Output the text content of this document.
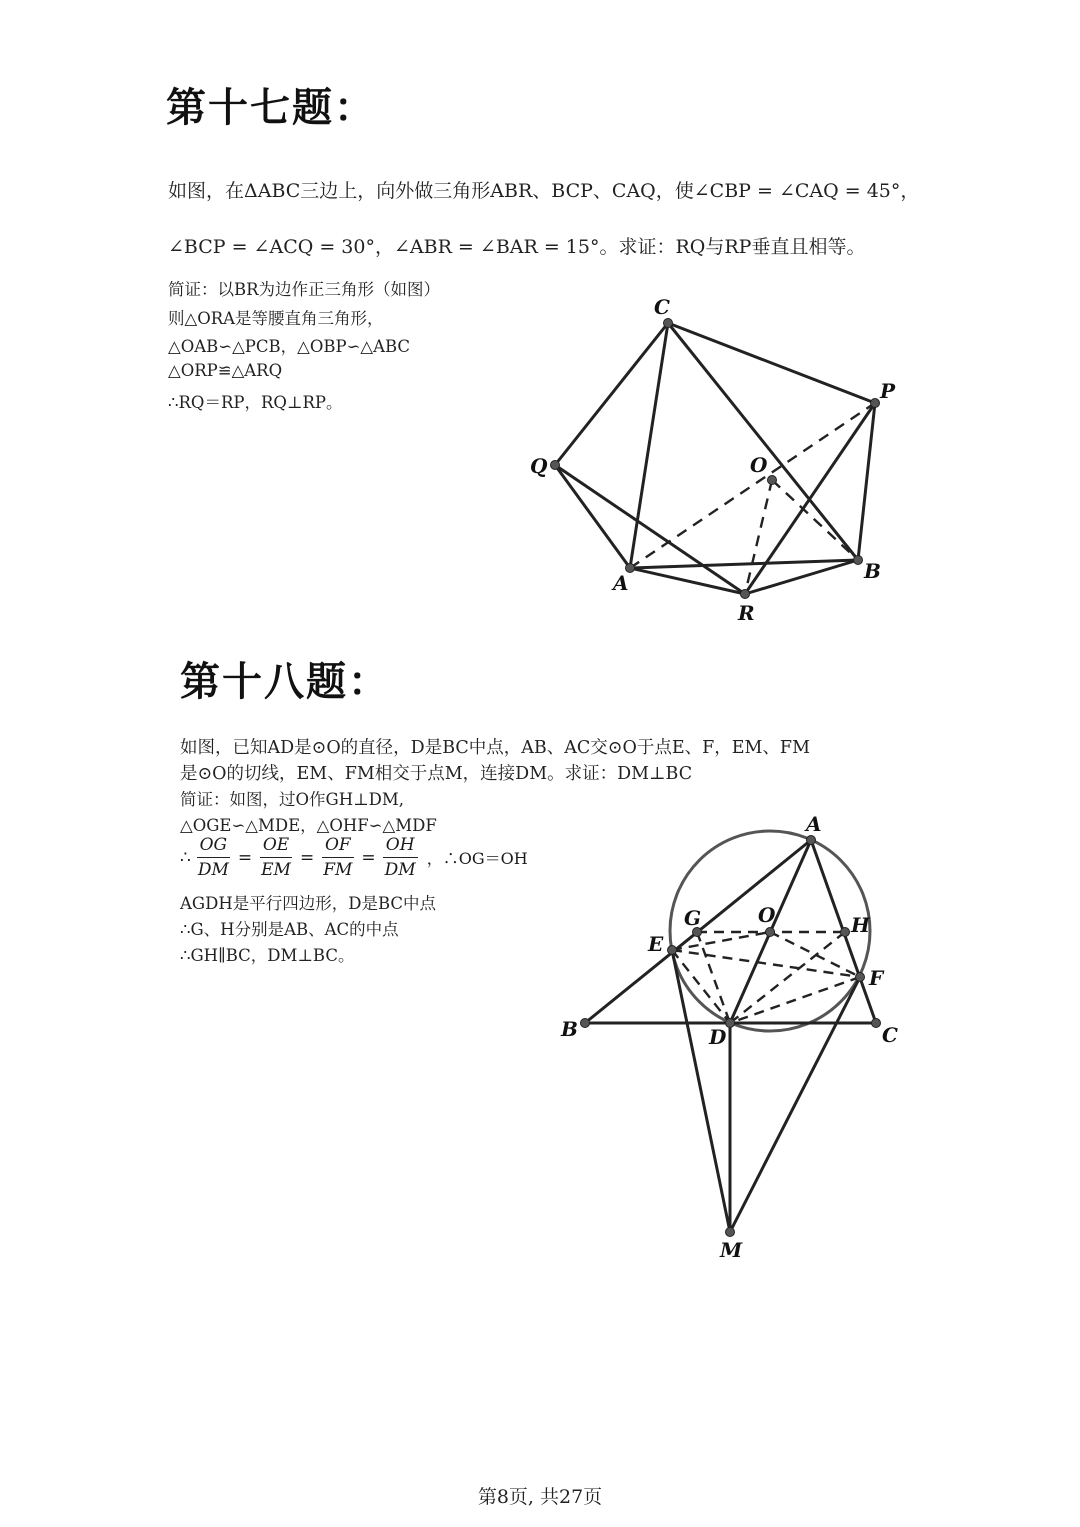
第十七题：
如图，在ΔABC三边上，向外做三角形ABR、BCP、CAQ，使∠CBP = ∠CAQ = 45°，
∠BCP = ∠ACQ = 30°，∠ABR = ∠BAR = 15°。求证：RQ与RP垂直且相等。
简证：以BR为边作正三角形（如图）
则△ORA是等腰直角三角形，
△OAB∽△PCB，△OBP∽△ABC
△ORP≌△ARQ
∴RQ＝RP，RQ⊥RP。
C
P
Q	O
A	B
R
第十八题：
如图，已知AD是⊙O的直径，D是BC中点，AB、AC交⊙O于点E、F，EM、FM
是⊙O的切线，EM、FM相交于点M，连接DM。求证：DM⊥BC
简证：如图，过O作GH⊥DM,
△OGE∽△MDE，△OHF∽△MDF
∴ $\frac{OG}{DM} = \frac{OE}{EM} = \frac{OF}{FM} = \frac{OH}{DM}$ ，∴OG＝OH
AGDH是平行四边形，D是BC中点
∴G、H分别是AB、AC的中点
∴GH∥BC，DM⊥BC。
A
G	O	H
E
F
B	D	C
M
第8页, 共27页
